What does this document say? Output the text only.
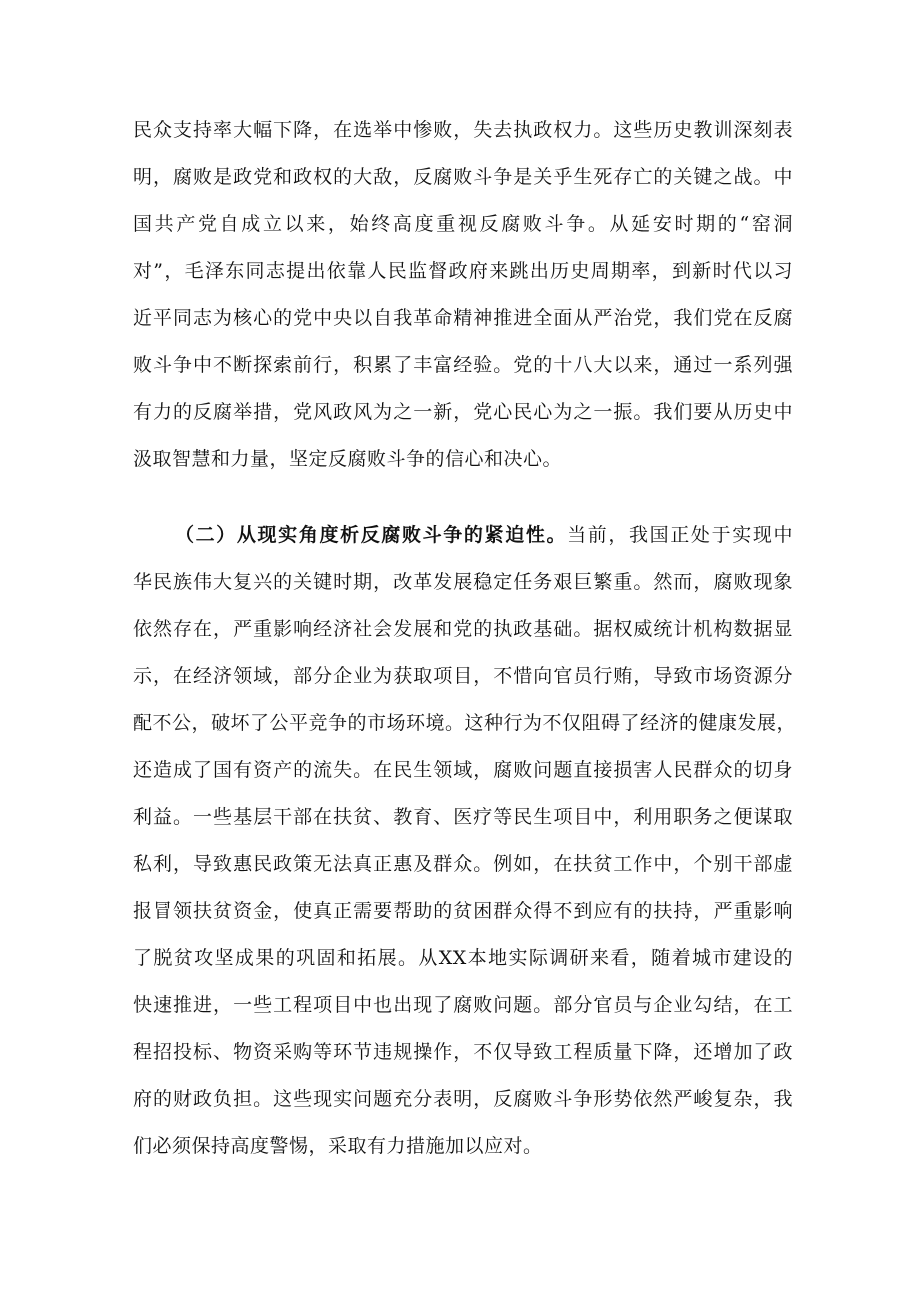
民众支持率大幅下降，在选举中惨败，失去执政权力。这些历史教训深刻表
明，腐败是政党和政权的大敌，反腐败斗争是关乎生死存亡的关键之战。中
国共产党自成立以来，始终高度重视反腐败斗争。从延安时期的“窑洞
对”，毛泽东同志提出依靠人民监督政府来跳出历史周期率，到新时代以习
近平同志为核心的党中央以自我革命精神推进全面从严治党，我们党在反腐
败斗争中不断探索前行，积累了丰富经验。党的十八大以来，通过一系列强
有力的反腐举措，党风政风为之一新，党心民心为之一振。我们要从历史中
汲取智慧和力量，坚定反腐败斗争的信心和决心。
（二）从现实角度析反腐败斗争的紧迫性。当前，我国正处于实现中
华民族伟大复兴的关键时期，改革发展稳定任务艰巨繁重。然而，腐败现象
依然存在，严重影响经济社会发展和党的执政基础。据权威统计机构数据显
示，在经济领域，部分企业为获取项目，不惜向官员行贿，导致市场资源分
配不公，破坏了公平竞争的市场环境。这种行为不仅阻碍了经济的健康发展，
还造成了国有资产的流失。在民生领域，腐败问题直接损害人民群众的切身
利益。一些基层干部在扶贫、教育、医疗等民生项目中，利用职务之便谋取
私利，导致惠民政策无法真正惠及群众。例如，在扶贫工作中，个别干部虚
报冒领扶贫资金，使真正需要帮助的贫困群众得不到应有的扶持，严重影响
了脱贫攻坚成果的巩固和拓展。从XX本地实际调研来看，随着城市建设的
快速推进，一些工程项目中也出现了腐败问题。部分官员与企业勾结，在工
程招投标、物资采购等环节违规操作，不仅导致工程质量下降，还增加了政
府的财政负担。这些现实问题充分表明，反腐败斗争形势依然严峻复杂，我
们必须保持高度警惕，采取有力措施加以应对。
